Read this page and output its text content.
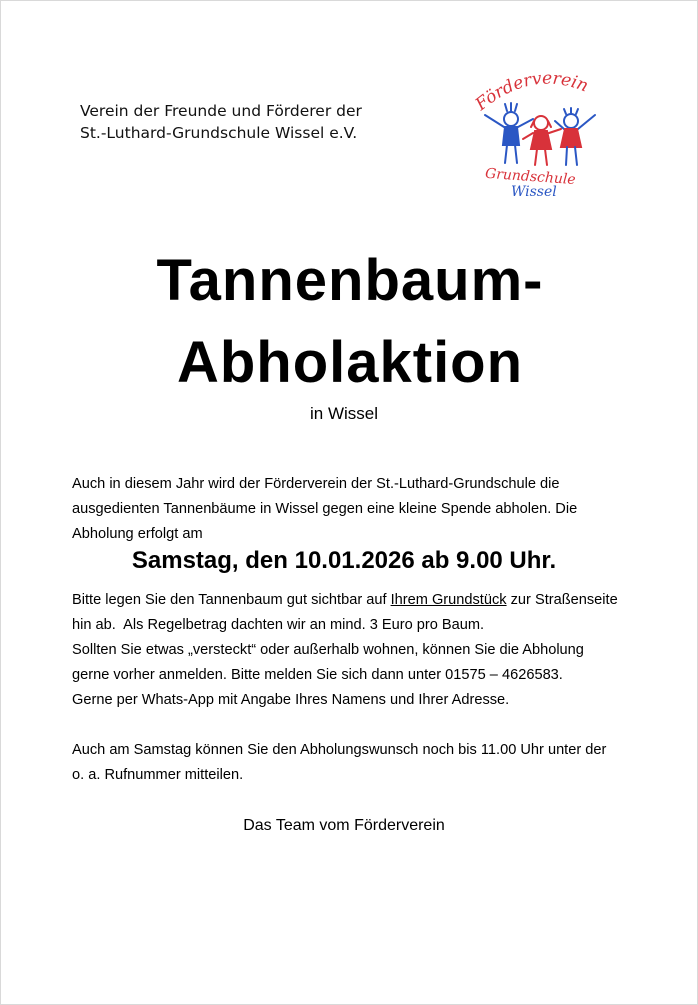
Verein der Freunde und Förderer der
St.-Luthard-Grundschule Wissel e.V.
Förderverein
Grundschule
Wissel
Tannenbaum-
Abholaktion
in Wissel
Auch in diesem Jahr wird der Förderverein der St.-Luthard-Grundschule die
ausgedienten Tannenbäume in Wissel gegen eine kleine Spende abholen. Die
Abholung erfolgt am
Samstag, den 10.01.2026 ab 9.00 Uhr.
Bitte legen Sie den Tannenbaum gut sichtbar auf Ihrem Grundstück zur Straßenseite
hin ab.  Als Regelbetrag dachten wir an mind. 3 Euro pro Baum.
Sollten Sie etwas „versteckt“ oder außerhalb wohnen, können Sie die Abholung
gerne vorher anmelden. Bitte melden Sie sich dann unter 01575 – 4626583.
Gerne per Whats-App mit Angabe Ihres Namens und Ihrer Adresse.
Auch am Samstag können Sie den Abholungswunsch noch bis 11.00 Uhr unter der
o. a. Rufnummer mitteilen.
Das Team vom Förderverein
